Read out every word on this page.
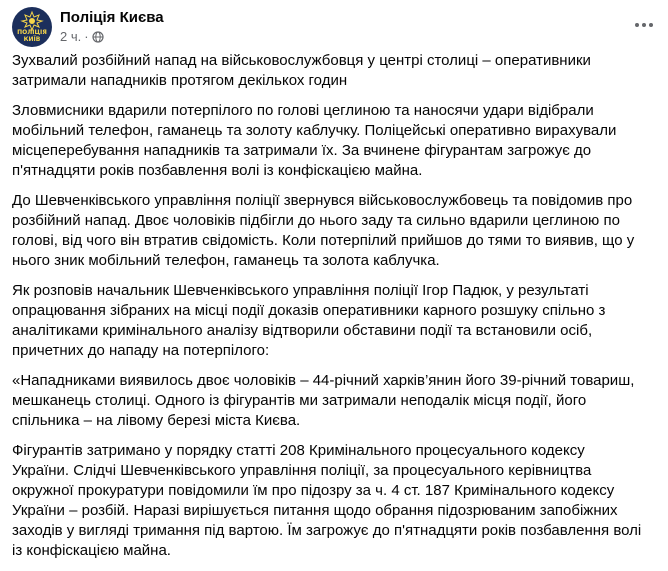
ПОЛІЦІЯ
КИЇВ
Поліція Києва
2 ч. ·

Зухвалий розбійний напад на військовослужбовця у центрі столиці – оперативники затримали нападників протягом декількох годин

Зловмисники вдарили потерпілого по голові цеглиною та наносячи удари відібрали мобільний телефон, гаманець та золоту каблучку. Поліцейські оперативно вирахували місцеперебування нападників та затримали їх. За вчинене фігурантам загрожує до п'ятнадцяти років позбавлення волі із конфіскацією майна.

До Шевченківського управління поліції звернувся військовослужбовець та повідомив про розбійний напад. Двоє чоловіків підбігли до нього заду та сильно вдарили цеглиною по голові, від чого він втратив свідомість. Коли потерпілий прийшов до тями то виявив, що у нього зник мобільний телефон, гаманець та золота каблучка.

Як розповів начальник Шевченківського управління поліції Ігор Падюк, у результаті опрацювання зібраних на місці події доказів оперативники карного розшуку спільно з аналітиками кримінального аналізу відтворили обставини події та встановили осіб, причетних до нападу на потерпілого:

«Нападниками виявилось двоє чоловіків – 44-річний харків’янин його 39-річний товариш, мешканець столиці. Одного із фігурантів ми затримали неподалік місця події, його спільника – на лівому березі міста Києва.

Фігурантів затримано у порядку статті 208 Кримінального процесуального кодексу України. Слідчі Шевченківського управління поліції, за процесуального керівництва окружної прокуратури повідомили їм про підозру за ч. 4 ст. 187 Кримінального кодексу України – розбій. Наразі вирішується питання щодо обрання підозрюваним запобіжних заходів у вигляді тримання під вартою. Їм загрожує до п'ятнадцяти років позбавлення волі із конфіскацією майна.
